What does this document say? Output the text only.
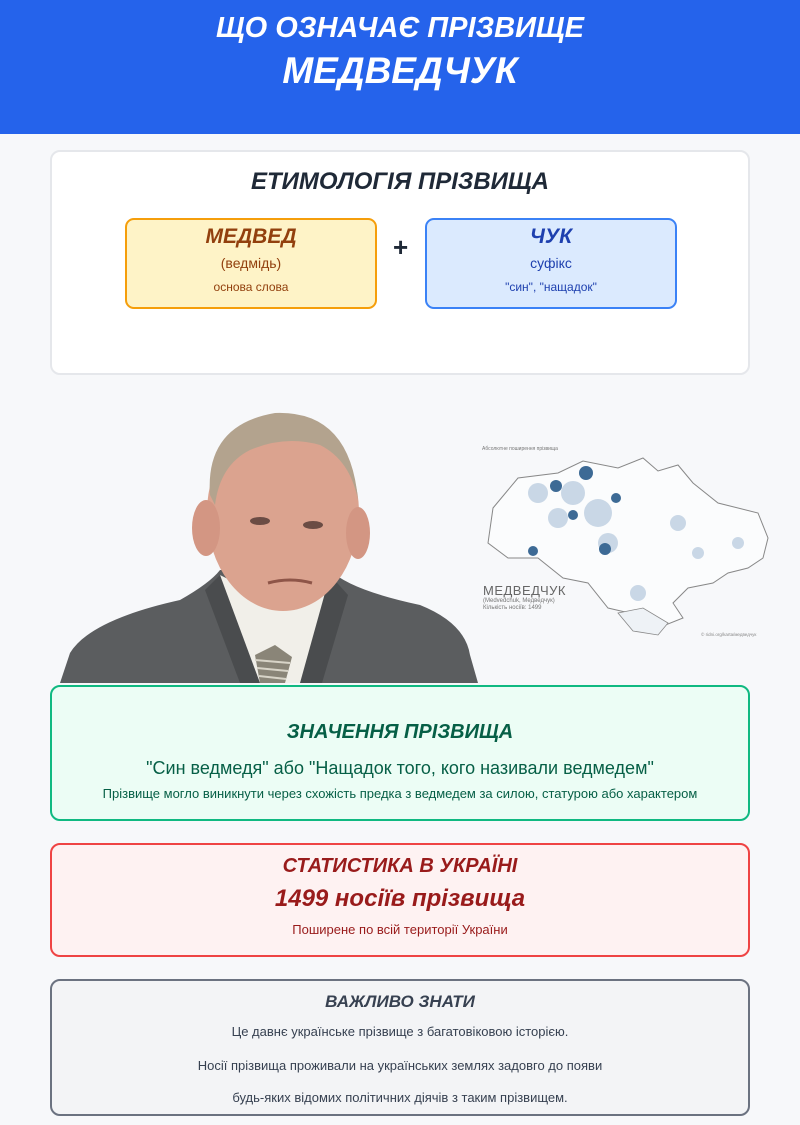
ЩО ОЗНАЧАЄ ПРІЗВИЩЕ
МЕДВЕДЧУК
ЕТИМОЛОГІЯ ПРІЗВИЩА
МЕДВЕД
(ведмідь)
основа слова
+	ЧУК
суфікс
"син", "нащадок"
Абсолютне поширення прізвища
МЕДВЕДЧУК
(Medvedchuk, Медведчук)
Кількість носіїв: 1499
© ridni.org/karta/медведчук
ЗНАЧЕННЯ ПРІЗВИЩА
"Син ведмедя" або "Нащадок того, кого називали ведмедем"
Прізвище могло виникнути через схожість предка з ведмедем за силою, статурою або характером
СТАТИСТИКА В УКРАЇНІ
1499 носіїв прізвища
Поширене по всій території України
ВАЖЛИВО ЗНАТИ
Це давнє українське прізвище з багатовіковою історією.
Носії прізвища проживали на українських землях задовго до появи
будь-яких відомих політичних діячів з таким прізвищем.
